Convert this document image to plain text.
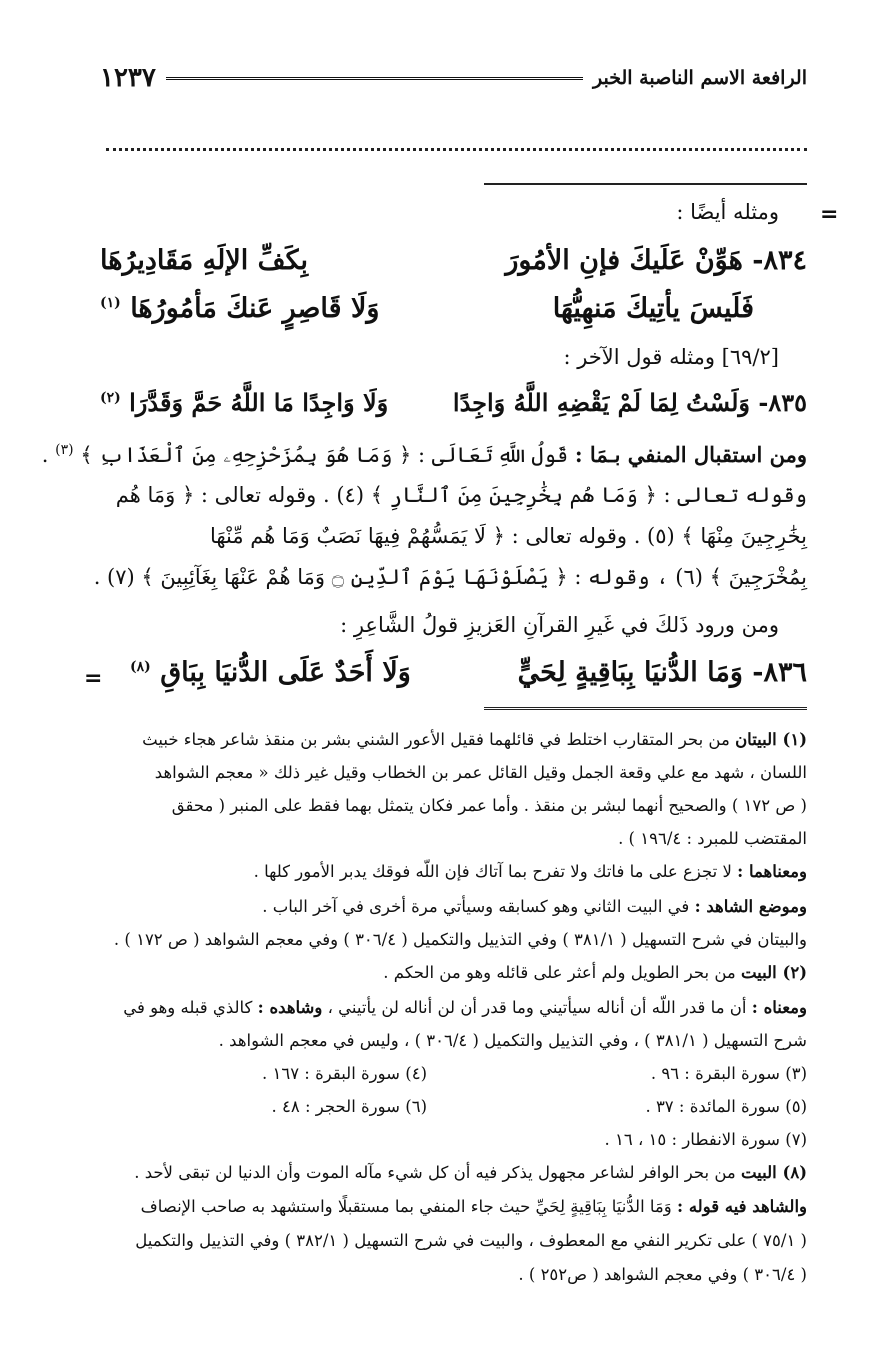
الرافعة الاسم الناصبة الخبر
١٢٣٧
=
ومثله أيضًا :
٨٣٤- هَوِّنْ عَلَيكَ فإنِ الأمُورَ
بِكَفِّ الإلَهِ مَقَادِيرُهَا
فَلَيسَ يأتِيكَ مَنهِيُّهَا
وَلَا قَاصِرٍ عَنكَ مَأمُورُهَا $^{(١)}$
[٦٩/٢] ومثله قول الآخر :
٨٣٥- وَلَسْتُ لِمَا لَمْ يَقْضِهِ اللَّهُ وَاجِدًا
وَلَا وَاجِدًا مَا اللَّهُ حَمَّ وَقَدَّرَا $^{(٢)}$
ومن استقبال المنفي بـمَا : قَولُ اللَّهِ تَعَالَى : ﴿ وَمَا هُوَ بِمُزَحْزِحِهِۦ مِنَ ٱلْعَذَابِ ﴾ $^{(٣)}$ .
وقوله تعالى : ﴿ وَمَا هُم بِخَٰرِجِينَ مِنَ ٱلنَّارِ ﴾ (٤) . وقوله تعالى : ﴿ وَمَا هُم
بِخَٰرِجِينَ مِنْهَا ﴾ (٥) . وقوله تعالى : ﴿ لَا يَمَسُّهُمْ فِيهَا نَصَبٌ وَمَا هُم مِّنْهَا
بِمُخْرَجِينَ ﴾ (٦) ، وقوله : ﴿ يَصْلَوْنَهَا يَوْمَ ٱلدِّينِ ۝ وَمَا هُمْ عَنْهَا بِغَآئِبِينَ ﴾ (٧) .
ومن ورود ذَلكَ في غَيرِ القرآنِ العَزيزِ قولُ الشَّاعِرِ :
٨٣٦- وَمَا الدُّنيَا بِبَاقِيةٍ لِحَيٍّ
وَلَا أَحَدٌ عَلَى الدُّنيَا بِبَاقِ $^{(٨)}$
=
(١) البيتان من بحر المتقارب اختلط في قائلهما فقيل الأعور الشني بشر بن منقذ شاعر هجاء خبيث
اللسان ، شهد مع علي وقعة الجمل وقيل القائل عمر بن الخطاب وقيل غير ذلك « معجم الشواهد
( ص ١٧٢ ) والصحيح أنهما لبشر بن منقذ . وأما عمر فكان يتمثل بهما فقط على المنبر ( محقق
المقتضب للمبرد : ١٩٦/٤ ) .
ومعناهما : لا تجزع على ما فاتك ولا تفرح بما آتاك فإن اللّه فوقك يدبر الأمور كلها .
وموضع الشاهد : في البيت الثاني وهو كسابقه وسيأتي مرة أخرى في آخر الباب .
والبيتان في شرح التسهيل ( ٣٨١/١ ) وفي التذييل والتكميل ( ٣٠٦/٤ ) وفي معجم الشواهد ( ص ١٧٢ ) .
(٢) البيت من بحر الطويل ولم أعثر على قائله وهو من الحكم .
ومعناه : أن ما قدر اللّه أن أناله سيأتيني وما قدر أن لن أناله لن يأتيني ، وشاهده : كالذي قبله وهو في
شرح التسهيل ( ٣٨١/١ ) ، وفي التذييل والتكميل ( ٣٠٦/٤ ) ، وليس في معجم الشواهد .
(٣) سورة البقرة : ٩٦ .
(٤) سورة البقرة : ١٦٧ .
(٥) سورة المائدة : ٣٧ .
(٦) سورة الحجر : ٤٨ .
(٧) سورة الانفطار : ١٥ ، ١٦ .
(٨) البيت من بحر الوافر لشاعر مجهول يذكر فيه أن كل شيء مآله الموت وأن الدنيا لن تبقى لأحد .
والشاهد فيه قوله : وَمَا الدُّنيَا بِبَاقِيةٍ لِحَيِّ حيث جاء المنفي بما مستقبلًا واستشهد به صاحب الإنصاف
( ٧٥/١ ) على تكرير النفي مع المعطوف ، والبيت في شرح التسهيل ( ٣٨٢/١ ) وفي التذييل والتكميل
( ٣٠٦/٤ ) وفي معجم الشواهد ( ص٢٥٢ ) .
